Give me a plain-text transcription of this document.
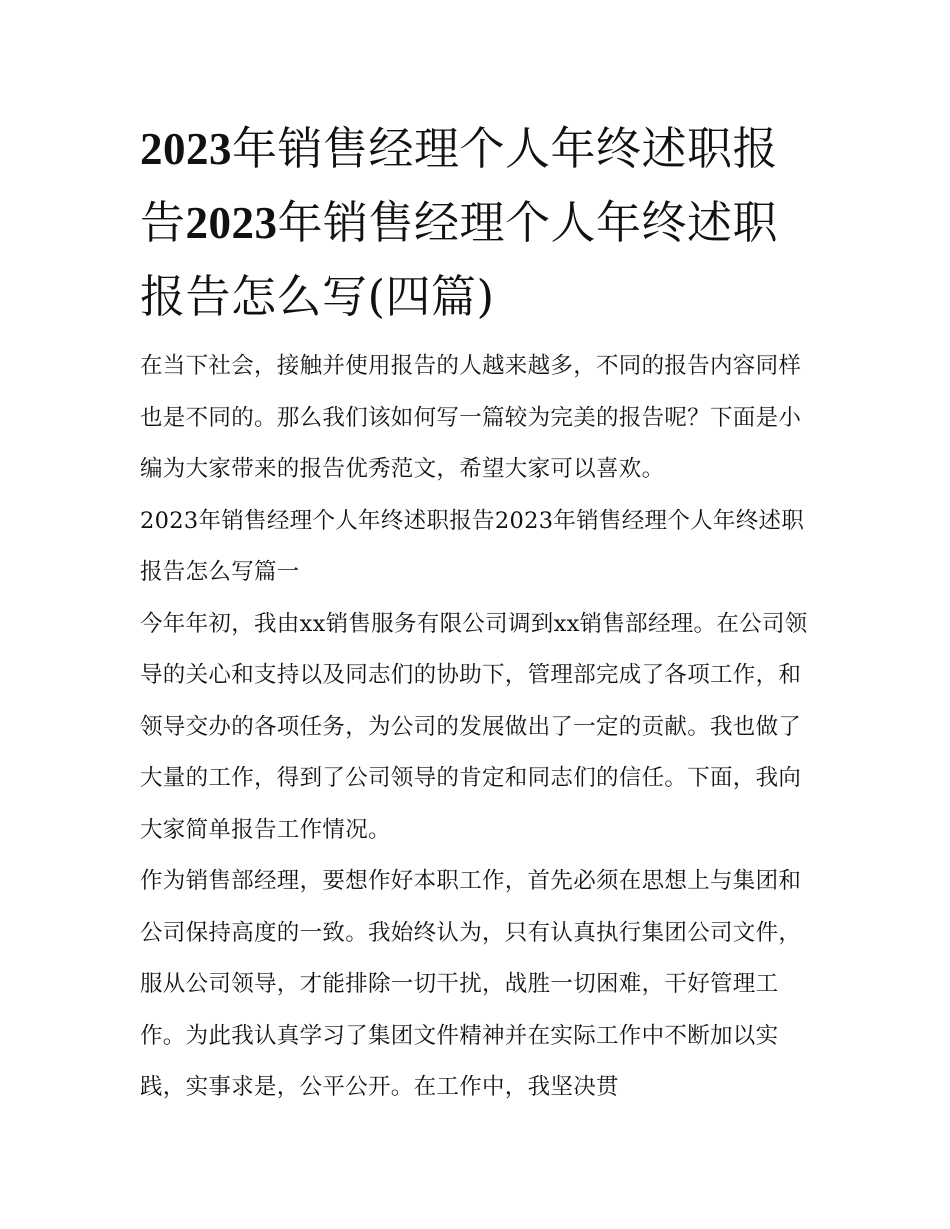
2023年销售经理个人年终述职报告2023年销售经理个人年终述职报告怎么写(四篇)

在当下社会，接触并使用报告的人越来越多，不同的报告内容同样也是不同的。那么我们该如何写一篇较为完美的报告呢？下面是小编为大家带来的报告优秀范文，希望大家可以喜欢。

2023年销售经理个人年终述职报告2023年销售经理个人年终述职报告怎么写篇一

今年年初，我由xx销售服务有限公司调到xx销售部经理。在公司领导的关心和支持以及同志们的协助下，管理部完成了各项工作，和领导交办的各项任务，为公司的发展做出了一定的贡献。我也做了大量的工作，得到了公司领导的肯定和同志们的信任。下面，我向大家简单报告工作情况。

作为销售部经理，要想作好本职工作，首先必须在思想上与集团和公司保持高度的一致。我始终认为，只有认真执行集团公司文件，服从公司领导，才能排除一切干扰，战胜一切困难，干好管理工作。为此我认真学习了集团文件精神并在实际工作中不断加以实践，实事求是，公平公开。在工作中，我坚决贯
